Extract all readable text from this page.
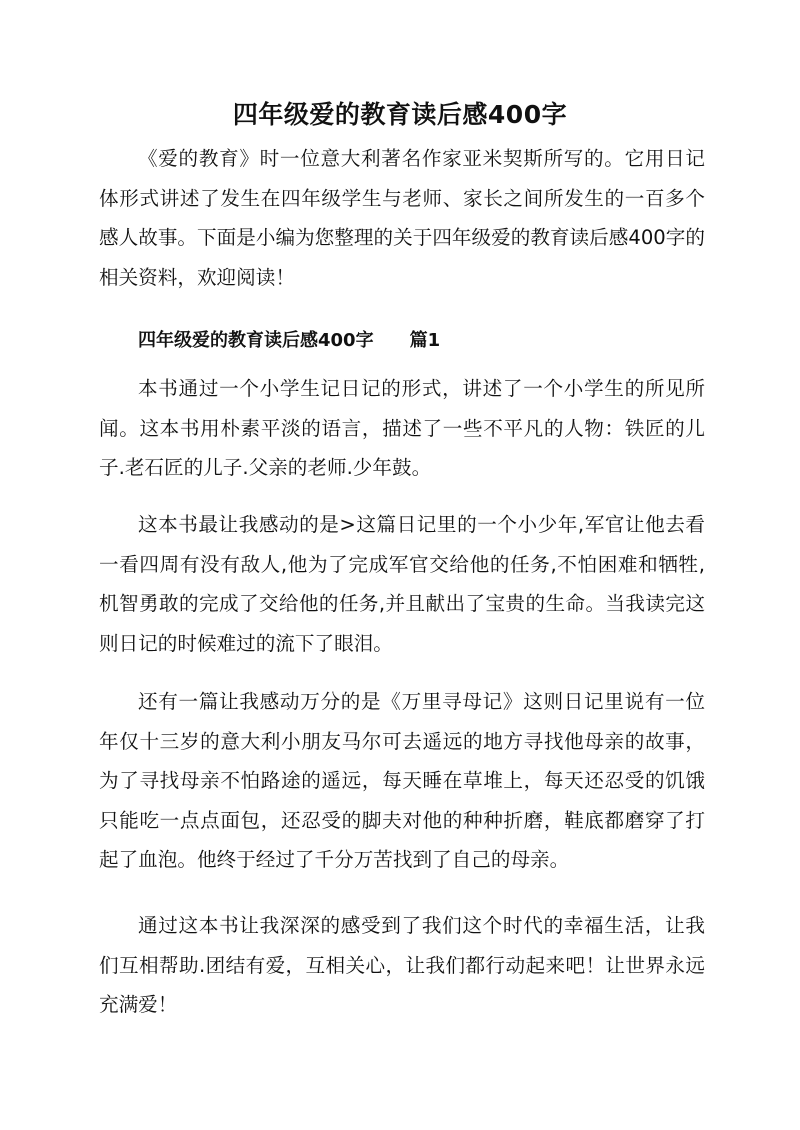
四年级爱的教育读后感400字

《爱的教育》时一位意大利著名作家亚米契斯所写的。它用日记体形式讲述了发生在四年级学生与老师、家长之间所发生的一百多个感人故事。下面是小编为您整理的关于四年级爱的教育读后感400字的相关资料，欢迎阅读！

四年级爱的教育读后感400字　　篇1

本书通过一个小学生记日记的形式，讲述了一个小学生的所见所闻。这本书用朴素平淡的语言，描述了一些不平凡的人物：铁匠的儿子.老石匠的儿子.父亲的老师.少年鼓。

这本书最让我感动的是>这篇日记里的一个小少年,军官让他去看一看四周有没有敌人,他为了完成军官交给他的任务,不怕困难和牺牲,机智勇敢的完成了交给他的任务,并且献出了宝贵的生命。当我读完这则日记的时候难过的流下了眼泪。

还有一篇让我感动万分的是《万里寻母记》这则日记里说有一位年仅十三岁的意大利小朋友马尔可去遥远的地方寻找他母亲的故事，为了寻找母亲不怕路途的遥远，每天睡在草堆上，每天还忍受的饥饿只能吃一点点面包，还忍受的脚夫对他的种种折磨，鞋底都磨穿了打起了血泡。他终于经过了千分万苦找到了自己的母亲。

通过这本书让我深深的感受到了我们这个时代的幸福生活，让我们互相帮助.团结有爱，互相关心，让我们都行动起来吧！让世界永远充满爱！
